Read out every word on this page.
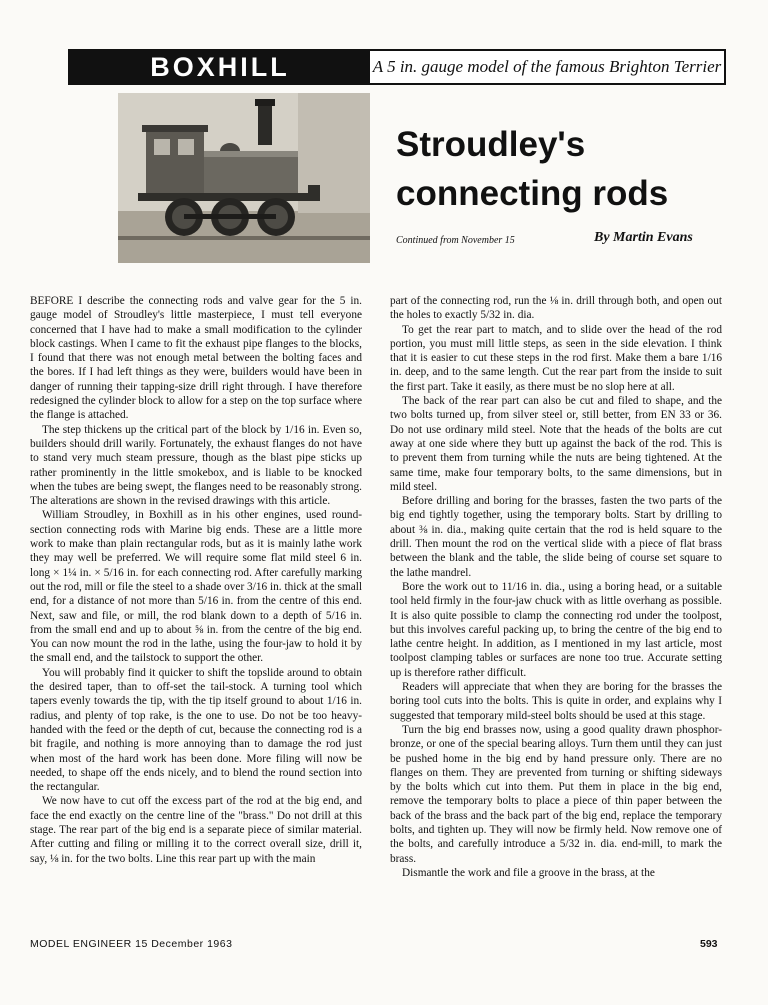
BOXHILL	A 5 in. gauge model of the famous Brighton Terrier
Stroudley's
connecting rods
Continued from November 15	By Martin Evans

BEFORE I describe the connecting rods and valve gear for the 5 in. gauge model of Stroudley's little masterpiece, I must tell everyone concerned that I have had to make a small modification to the cylinder block castings. When I came to fit the exhaust pipe flanges to the blocks, I found that there was not enough metal between the bolting faces and the bores. If I had left things as they were, builders would have been in danger of running their tapping-size drill right through. I have therefore redesigned the cylinder block to allow for a step on the top surface where the flange is attached.

The step thickens up the critical part of the block by 1/16 in. Even so, builders should drill warily. Fortunately, the exhaust flanges do not have to stand very much steam pressure, though as the blast pipe sticks up rather prominently in the little smokebox, and is liable to be knocked when the tubes are being swept, the flanges need to be reasonably strong. The alterations are shown in the revised drawings with this article.

William Stroudley, in Boxhill as in his other engines, used round-section connecting rods with Marine big ends. These are a little more work to make than plain rectangular rods, but as it is mainly lathe work they may well be preferred. We will require some flat mild steel 6 in. long × 1¼ in. × 5/16 in. for each connecting rod. After carefully marking out the rod, mill or file the steel to a shade over 3/16 in. thick at the small end, for a distance of not more than 5/16 in. from the centre of this end. Next, saw and file, or mill, the rod blank down to a depth of 5/16 in. from the small end and up to about ⅝ in. from the centre of the big end. You can now mount the rod in the lathe, using the four-jaw to hold it by the small end, and the tailstock to support the other.

You will probably find it quicker to shift the topslide around to obtain the desired taper, than to off-set the tail-stock. A turning tool which tapers evenly towards the tip, with the tip itself ground to about 1/16 in. radius, and plenty of top rake, is the one to use. Do not be too heavy-handed with the feed or the depth of cut, because the connecting rod is a bit fragile, and nothing is more annoying than to damage the rod just when most of the hard work has been done. More filing will now be needed, to shape off the ends nicely, and to blend the round section into the rectangular.

We now have to cut off the excess part of the rod at the big end, and face the end exactly on the centre line of the "brass." Do not drill at this stage. The rear part of the big end is a separate piece of similar material. After cutting and filing or milling it to the correct overall size, drill it, say, ⅛ in. for the two bolts. Line this rear part up with the main

part of the connecting rod, run the ⅛ in. drill through both, and open out the holes to exactly 5/32 in. dia.

To get the rear part to match, and to slide over the head of the rod portion, you must mill little steps, as seen in the side elevation. I think that it is easier to cut these steps in the rod first. Make them a bare 1/16 in. deep, and to the same length. Cut the rear part from the inside to suit the first part. Take it easily, as there must be no slop here at all.

The back of the rear part can also be cut and filed to shape, and the two bolts turned up, from silver steel or, still better, from EN 33 or 36. Do not use ordinary mild steel. Note that the heads of the bolts are cut away at one side where they butt up against the back of the rod. This is to prevent them from turning while the nuts are being tightened. At the same time, make four temporary bolts, to the same dimensions, but in mild steel.

Before drilling and boring for the brasses, fasten the two parts of the big end tightly together, using the temporary bolts. Start by drilling to about ⅜ in. dia., making quite certain that the rod is held square to the drill. Then mount the rod on the vertical slide with a piece of flat brass between the blank and the table, the slide being of course set square to the lathe mandrel.

Bore the work out to 11/16 in. dia., using a boring head, or a suitable tool held firmly in the four-jaw chuck with as little overhang as possible. It is also quite possible to clamp the connecting rod under the toolpost, but this involves careful packing up, to bring the centre of the big end to lathe centre height. In addition, as I mentioned in my last article, most toolpost clamping tables or surfaces are none too true. Accurate setting up is therefore rather difficult.

Readers will appreciate that when they are boring for the brasses the boring tool cuts into the bolts. This is quite in order, and explains why I suggested that temporary mild-steel bolts should be used at this stage.

Turn the big end brasses now, using a good quality drawn phosphor-bronze, or one of the special bearing alloys. Turn them until they can just be pushed home in the big end by hand pressure only. There are no flanges on them. They are prevented from turning or shifting sideways by the bolts which cut into them. Put them in place in the big end, remove the temporary bolts to place a piece of thin paper between the back of the brass and the back part of the big end, replace the temporary bolts, and tighten up. They will now be firmly held. Now remove one of the bolts, and carefully introduce a 5/32 in. dia. end-mill, to mark the brass.

Dismantle the work and file a groove in the brass, at the

MODEL ENGINEER 15 December 1963	593
